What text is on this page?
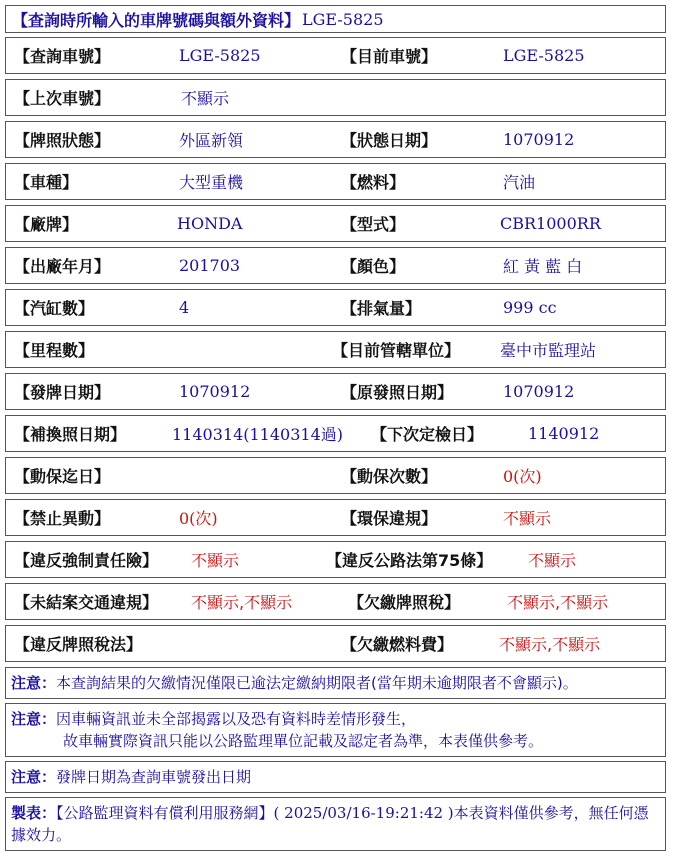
【查詢時所輸入的車牌號碼與額外資料】 LGE-5825
【查詢車號】	LGE-5825	【目前車號】	LGE-5825
【上次車號】	不顯示
【牌照狀態】	外區新領	【狀態日期】	1070912
【車種】	大型重機	【燃料】	汽油
【廠牌】	HONDA	【型式】	CBR1000RR
【出廠年月】	201703	【顏色】	紅 黃 藍 白
【汽缸數】	4	【排氣量】	999 cc
【里程數】	【目前管轄單位】 臺中市監理站
【發牌日期】	1070912	【原發照日期】	1070912
【補換照日期】	1140314(1140314過) 【下次定檢日】	1140912
【動保迄日】	【動保次數】	0(次)
【禁止異動】	0(次)	【環保違規】	不顯示
【違反強制責任險】 不顯示	【違反公路法第75條】 不顯示
【未結案交通違規】 不顯示,不顯示	【欠繳牌照稅】	不顯示,不顯示
【違反牌照稅法】	【欠繳燃料費】	不顯示,不顯示
注意：本查詢結果的欠繳情況僅限已逾法定繳納期限者(當年期未逾期限者不會顯示)。
注意：因車輛資訊並未全部揭露以及恐有資料時差情形發生，
故車輛實際資訊只能以公路監理單位記載及認定者為準，本表僅供參考。
注意：發牌日期為查詢車號發出日期
製表：【公路監理資料有償利用服務網】( 2025/03/16-19:21:42 )本表資料僅供參考，無任何憑據效力。
